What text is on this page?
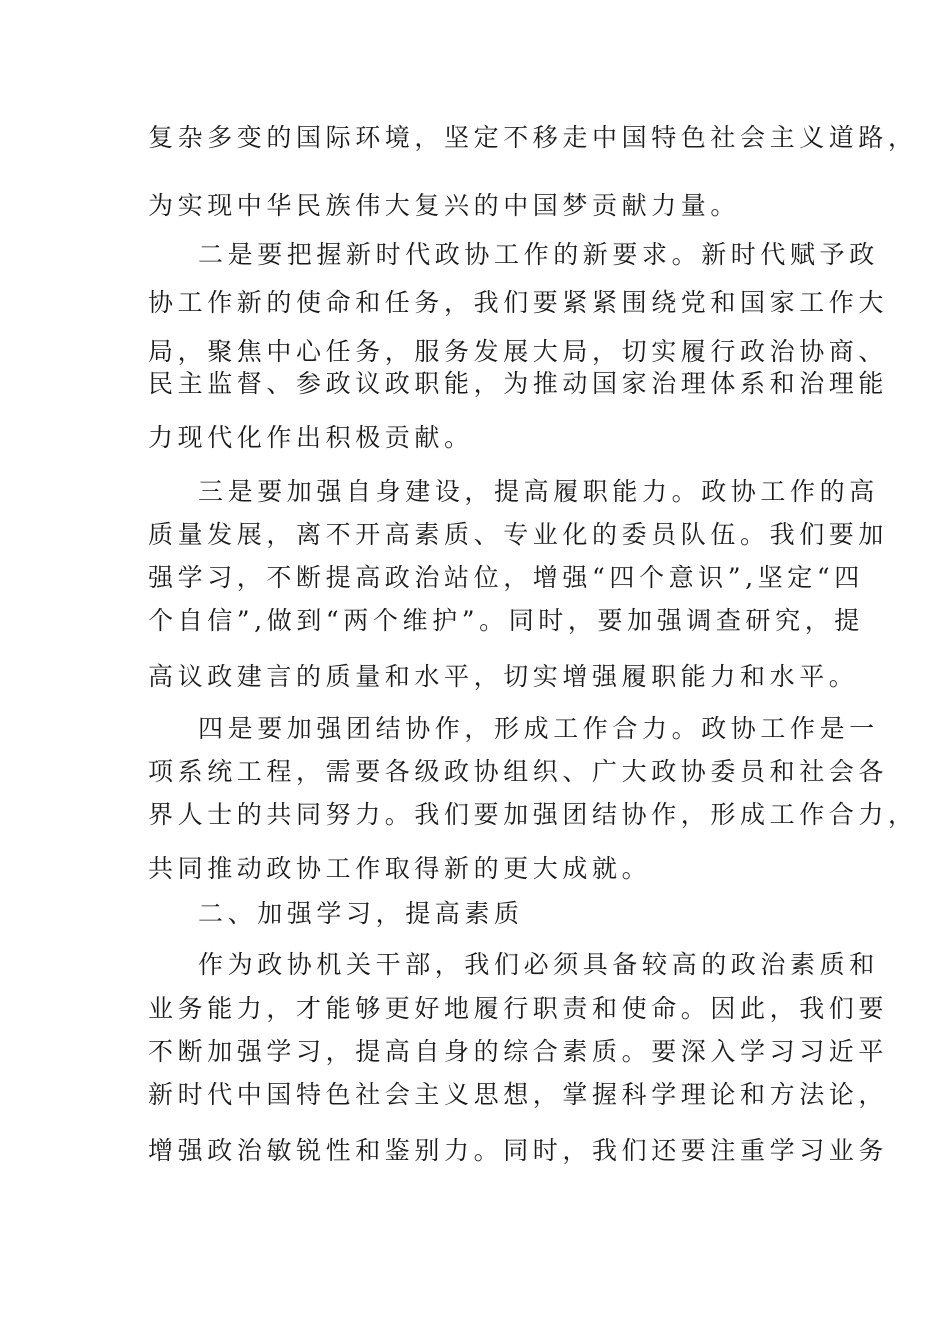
复杂多变的国际环境，坚定不移走中国特色社会主义道路，
为实现中华民族伟大复兴的中国梦贡献力量。
二是要把握新时代政协工作的新要求。新时代赋予政
协工作新的使命和任务，我们要紧紧围绕党和国家工作大
局，聚焦中心任务，服务发展大局，切实履行政治协商、
民主监督、参政议政职能，为推动国家治理体系和治理能
力现代化作出积极贡献。
三是要加强自身建设，提高履职能力。政协工作的高
质量发展，离不开高素质、专业化的委员队伍。我们要加
强学习，不断提高政治站位，增强“四个意识”,坚定“四
个自信”,做到“两个维护”。同时，要加强调查研究，提
高议政建言的质量和水平，切实增强履职能力和水平。
四是要加强团结协作，形成工作合力。政协工作是一
项系统工程，需要各级政协组织、广大政协委员和社会各
界人士的共同努力。我们要加强团结协作，形成工作合力，
共同推动政协工作取得新的更大成就。
二、加强学习，提高素质
作为政协机关干部，我们必须具备较高的政治素质和
业务能力，才能够更好地履行职责和使命。因此，我们要
不断加强学习，提高自身的综合素质。要深入学习习近平
新时代中国特色社会主义思想，掌握科学理论和方法论，
增强政治敏锐性和鉴别力。同时，我们还要注重学习业务
